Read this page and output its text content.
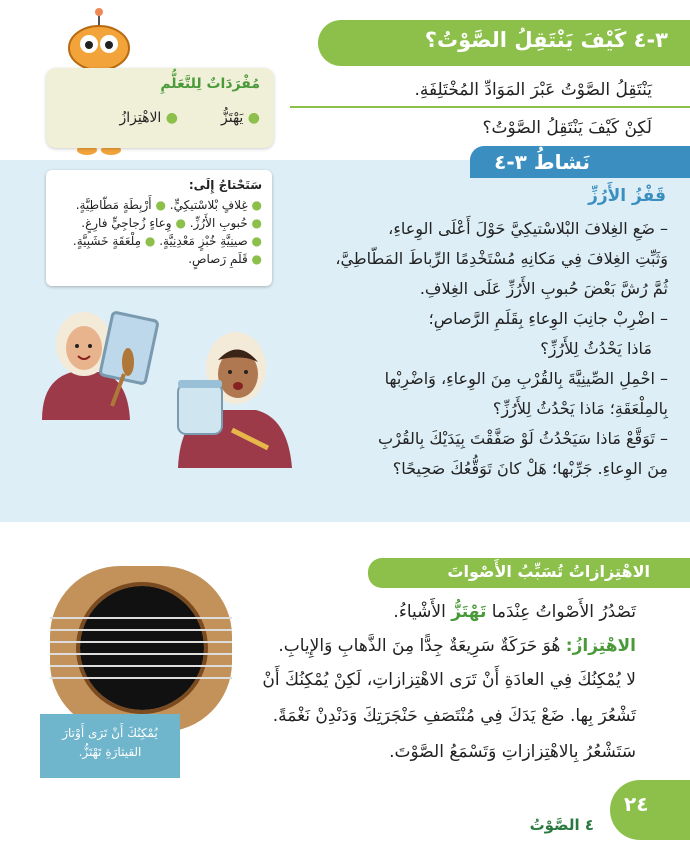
٣-٤ كَيْفَ يَنْتَقِلُ الصَّوْتُ؟
مُفْرَدَاتٌ لِلتَّعَلُّمِ
● يَهْتَزُّ
● الاهْتِزازُ
يَنْتَقِلُ الصَّوْتُ عَبْرَ المَوَادِّ المُخْتَلِفَةِ.
لَكِنْ كَيْفَ يَنْتَقِلُ الصَّوْتُ؟
نَشاطُ ٣-٤
قَفْزُ الأَرُزِّ
– ضَعِ الغِلافَ البْلاسْتيكِيَّ حَوْلَ أَعْلَى الوِعاءِ،
وَثَبِّتِ الغِلافَ فِي مَكانِهِ مُسْتَخْدِمًا الرِّباطَ المَطّاطِيَّ،
ثُمَّ رُشَّ بَعْضَ حُبوبِ الأَرُزِّ عَلَى الغِلافِ.
– اضْرِبْ جانِبَ الوِعاءِ بِقَلَمِ الرَّصاصِ؛
مَاذا يَحْدُثُ لِلأَرُزِّ؟
– احْمِلِ الصِّينِيَّةَ بِالقُرْبِ مِنَ الوِعاءِ، وَاضْرِبْها
بِالمِلْعَقَةِ؛ مَاذا يَحْدُثُ لِلأَرُزِّ؟
– تَوَقَّعْ مَاذا سَيَحْدُثُ لَوْ صَفَّقْتَ بِيَدَيْكَ بِالقُرْبِ
مِنَ الوِعاءِ. جَرِّبْها؛ هَلْ كانَ تَوَقُّعُكَ صَحِيحًا؟
سَتَحْتاجُ إِلَى:
● غِلافٍ بْلاسْتيكِيٍّ. ● أَرْبِطَةٍ مَطّاطِيَّةٍ.
● حُبوبِ الأَرُزِّ. ● وِعاءٍ زُجاجِيٍّ فارِغٍ.
● صينِيَّةِ خُبْزٍ مَعْدِنِيَّةٍ. ● مِلْعَقَةٍ خَشَبِيَّةٍ.
● قَلَمِ رَصاصٍ.
الاهْتِزازاتُ تُسَبِّبُ الأَصْواتَ
يُمْكِنُكَ أَنْ تَرَى أَوْتارَ
القيثارَةِ تَهْتَزُّ.
تَصْدُرُ الأَصْواتُ عِنْدَما تَهْتَزُّ الأَشْياءُ.
الاهْتِزازُ: هُوَ حَرَكَةٌ سَرِيعَةٌ جِدًّا مِنَ الذَّهابِ وَالإِيابِ.
لا يُمْكِنُكَ فِي العادَةِ أَنْ تَرَى الاهْتِزازاتِ، لَكِنْ يُمْكِنُكَ أَنْ
تَشْعُرَ بِها. ضَعْ يَدَكَ فِي مُنْتَصَفِ حَنْجَرَتِكَ وَدَنْدِنْ نَغْمَةً.
سَتَشْعُرُ بِالاهْتِزازاتِ وَتَسْمَعُ الصَّوْتَ.
٢٤
٤ الصَّوْتُ
